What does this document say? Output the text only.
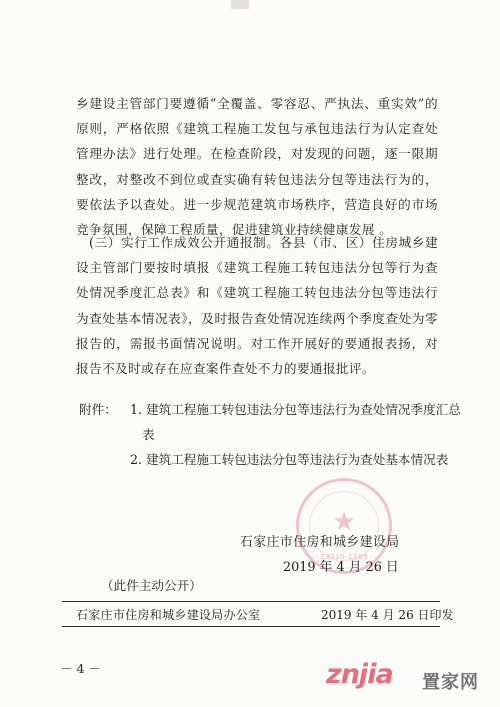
乡建设主管部门要遵循“全覆盖、零容忍、严执法、重实效”的原则，严格依照《建筑工程施工发包与承包违法行为认定查处管理办法》进行处理。在检查阶段，对发现的问题，逐一限期整改，对整改不到位或查实确有转包违法分包等违法行为的，要依法予以查处。进一步规范建筑市场秩序，营造良好的市场竞争氛围，保障工程质量，促进建筑业持续健康发展 。

(三）实行工作成效公开通报制。各县（市、区）住房城乡建设主管部门要按时填报《建筑工程施工转包违法分包等行为查处情况季度汇总表》和《建筑工程施工转包违法分包等违法行为查处基本情况表》，及时报告查处情况连续两个季度查处为零报告的，需报书面情况说明。对工作开展好的要通报表扬，对报告不及时或存在应查案件查处不力的要通报批评。

附件： 1. 建筑工程施工转包违法分包等违法行为查处情况季度汇总表
2. 建筑工程施工转包违法分包等违法行为查处基本情况表
★
13010-1189
石家庄市住房和城乡建设局
2019 年 4 月 26 日
（此件主动公开）
石家庄市住房和城乡建设局办公室	2019 年 4 月 26 日印发
－ 4 －	znjia 置家网
